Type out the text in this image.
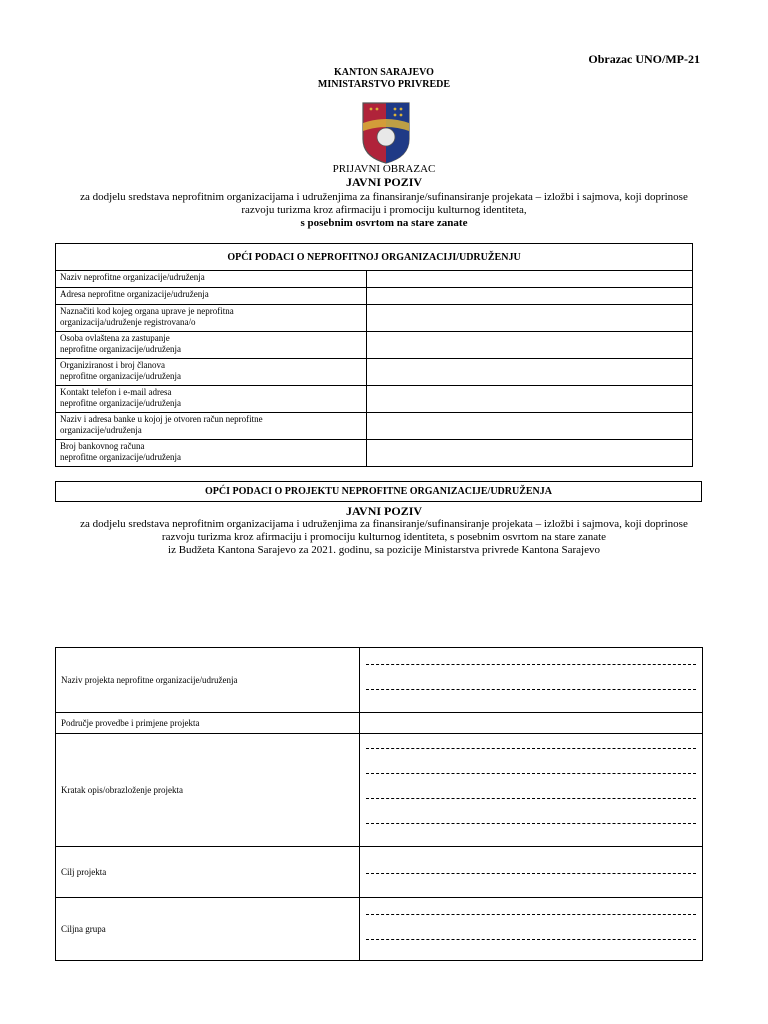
Obrazac UNO/MP-21
KANTON SARAJEVO
MINISTARSTVO PRIVREDE
PRIJAVNI OBRAZAC
JAVNI POZIV
za dodjelu sredstava neprofitnim organizacijama i udruženjima za finansiranje/sufinansiranje projekata – izložbi i sajmova, koji doprinose
razvoju turizma kroz afirmaciju i promociju kulturnog identiteta,
s posebnim osvrtom na stare zanate
OPĆI PODACI O NEPROFITNOJ ORGANIZACIJI/UDRUŽENJU	

Naziv neprofitne organizacije/udruženja	

Adresa neprofitne organizacije/udruženja	

Naznačiti kod kojeg organa uprave je neprofitna
organizacija/udruženje registrovana/o	

Osoba ovlaštena za zastupanje
neprofitne organizacije/udruženja	

Organiziranost i broj članova
neprofitne organizacije/udruženja	

Kontakt telefon i e-mail adresa
neprofitne organizacije/udruženja	

Naziv i adresa banke u kojoj je otvoren račun neprofitne
organizacije/udruženja	

Broj bankovnog računa
neprofitne organizacije/udruženja	

OPĆI PODACI O PROJEKTU NEPROFITNE ORGANIZACIJE/UDRUŽENJA
JAVNI POZIV
za dodjelu sredstava neprofitnim organizacijama i udruženjima za finansiranje/sufinansiranje projekata – izložbi i sajmova, koji doprinose
razvoju turizma kroz afirmaciju i promociju kulturnog identiteta, s posebnim osvrtom na stare zanate
iz Budžeta Kantona Sarajevo za 2021. godinu, sa pozicije Ministarstva privrede Kantona Sarajevo
Naziv projekta neprofitne organizacije/udruženja	

Područje provedbe i primjene projekta	

Kratak opis/obrazloženje projekta	

Cilj projekta	

Ciljna grupa	
